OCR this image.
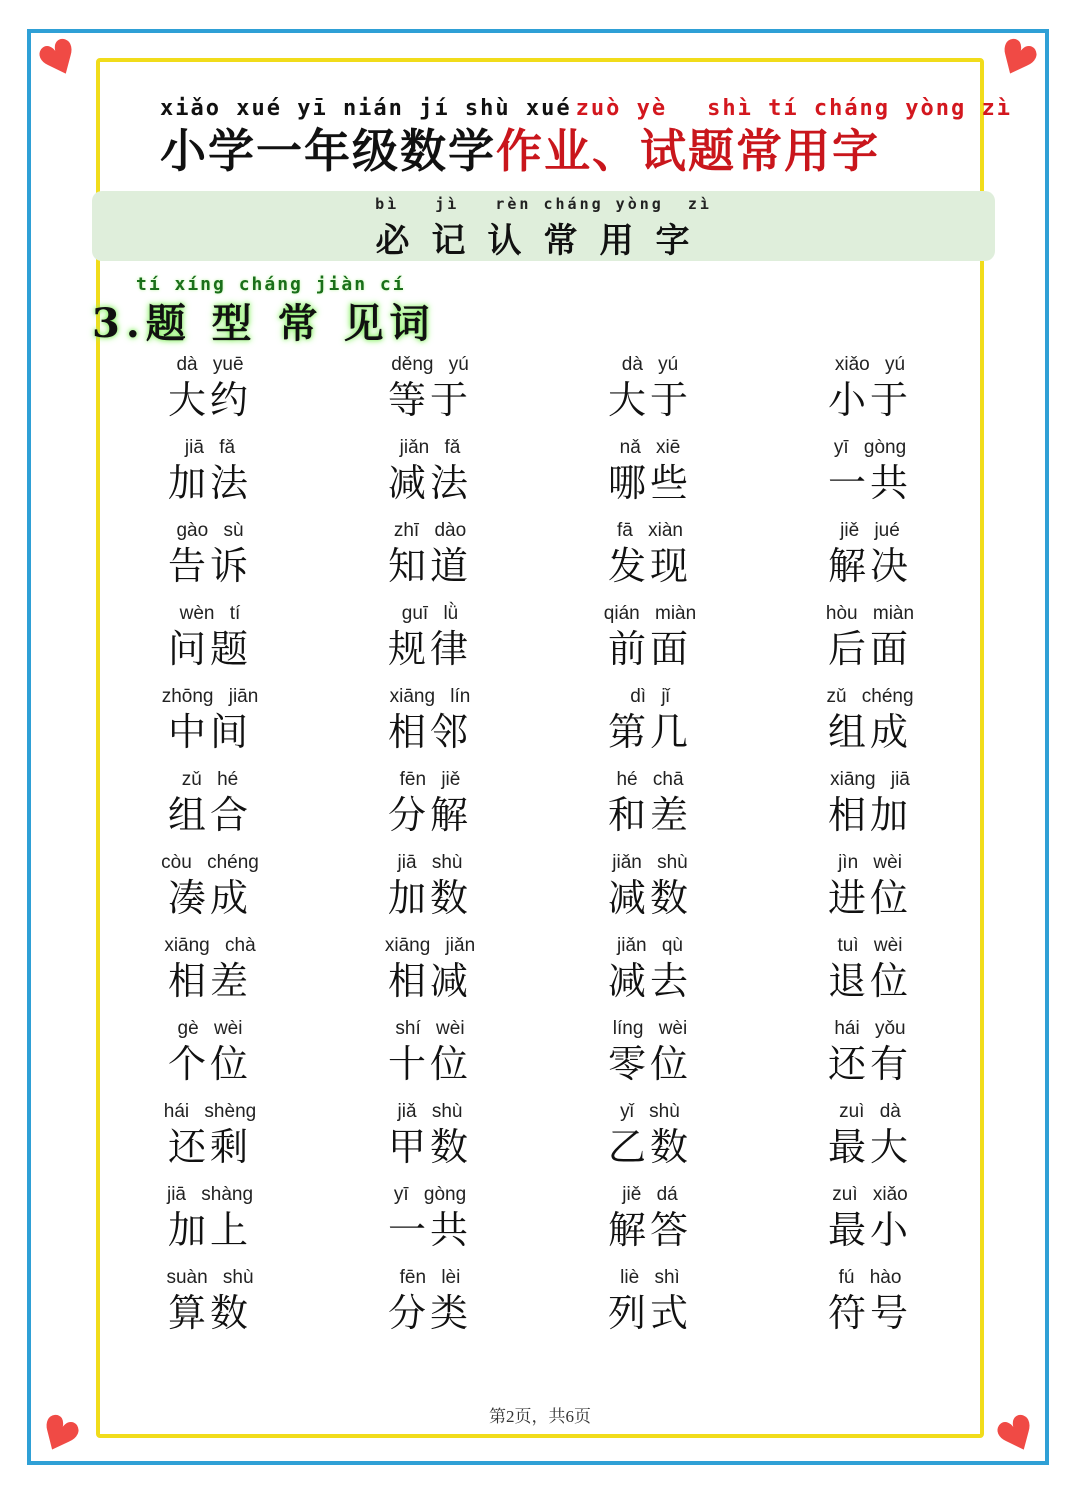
♥	♥
♥	♥
xiǎo xué yī nián jí shù xué zuò yè shì tí cháng yòng zì
小学一年级数学 作业、试题常用字
bì   jì   rèn cháng yòng  zì
必记认常用字
tí xíng cháng jiàn cí
3.题 型 常 见词
dà yuē
大约
děng yú
等于
dà yú
大于
xiǎo yú
小于
jiā fǎ
加法
jiǎn fǎ
减法
nǎ xiē
哪些
yī gòng
一共
gào sù
告诉
zhī dào
知道
fā xiàn
发现
jiě jué
解决
wèn tí
问题
guī lǜ
规律
qián miàn
前面
hòu miàn
后面
zhōng jiān
中间
xiāng lín
相邻
dì jǐ
第几
zǔ chéng
组成
zǔ hé
组合
fēn jiě
分解
hé chā
和差
xiāng jiā
相加
còu chéng
凑成
jiā shù
加数
jiǎn shù
减数
jìn wèi
进位
xiāng chà
相差
xiāng jiǎn
相减
jiǎn qù
减去
tuì wèi
退位
gè wèi
个位
shí wèi
十位
líng wèi
零位
hái yǒu
还有
hái shèng
还剩
jiǎ shù
甲数
yǐ shù
乙数
zuì dà
最大
jiā shàng
加上
yī gòng
一共
jiě dá
解答
zuì xiǎo
最小
suàn shù
算数
fēn lèi
分类
liè shì
列式
fú hào
符号
第2页，共6页
